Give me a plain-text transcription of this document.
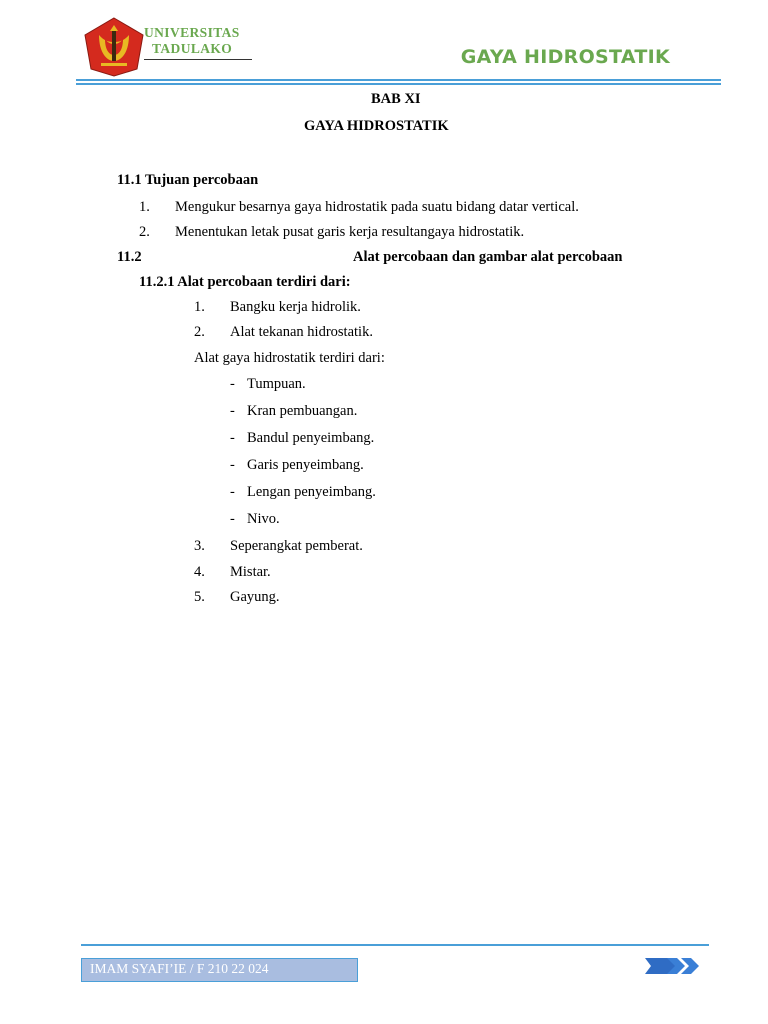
UNIVERSITAS
TADULAKO	GAYA HIDROSTATIK
BAB XI
GAYA HIDROSTATIK
11.1 Tujuan percobaan
1. Mengukur besarnya gaya hidrostatik pada suatu bidang datar vertical.
2. Menentukan letak pusat garis kerja resultangaya hidrostatik.
11.2	Alat percobaan dan gambar alat percobaan
11.2.1 Alat percobaan terdiri dari:
1. Bangku kerja hidrolik.
2. Alat tekanan hidrostatik.
Alat gaya hidrostatik terdiri dari:
- Tumpuan.
- Kran pembuangan.
- Bandul penyeimbang.
- Garis penyeimbang.
- Lengan penyeimbang.
- Nivo.
3. Seperangkat pemberat.
4. Mistar.
5. Gayung.
IMAM SYAFI’IE / F 210 22 024
